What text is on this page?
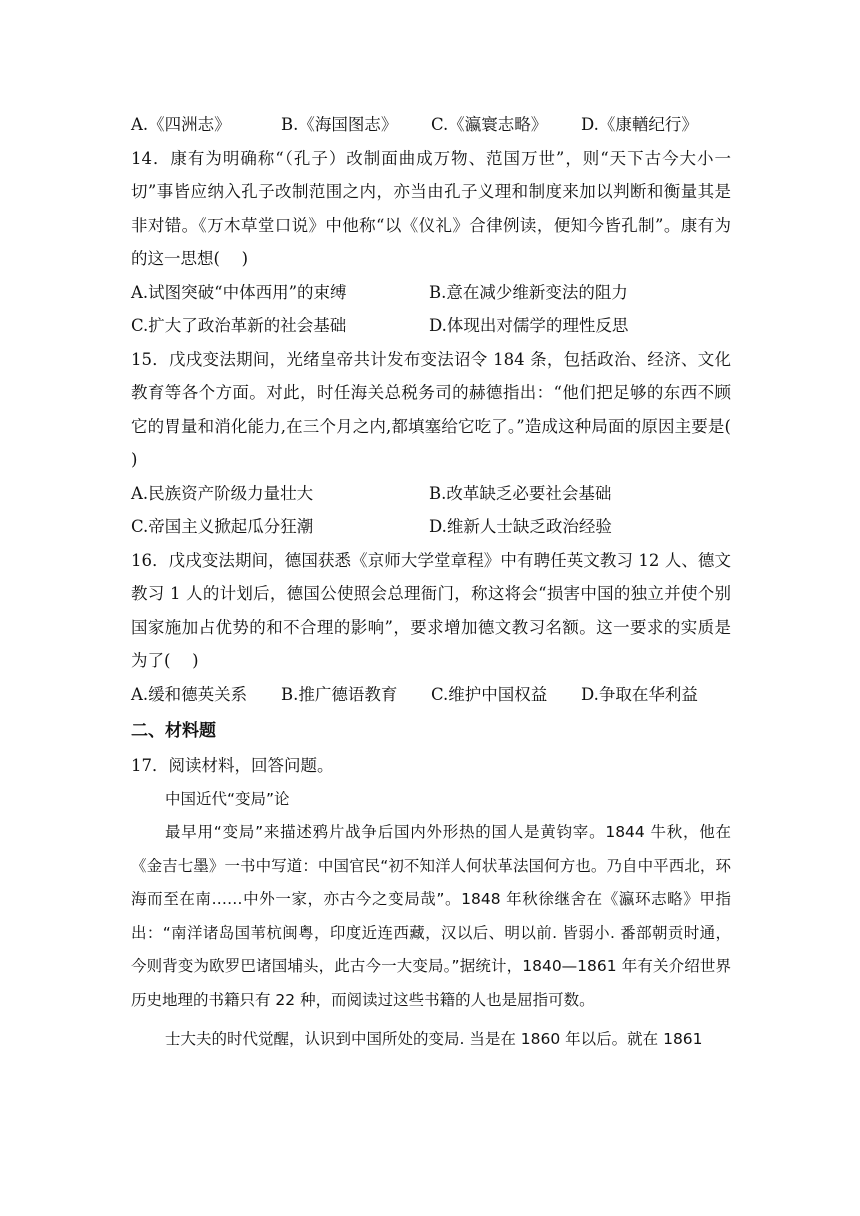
A.《四洲志》	B.《海国图志》	C.《瀛寰志略》	D.《康輶纪行》

14．康有为明确称“（孔子）改制面曲成万物、范国万世”，则“天下古今大小一切”事皆应纳入孔子改制范围之内，亦当由孔子义理和制度来加以判断和衡量其是非对错。《万木草堂口说》中他称“以《仪礼》合律例读，便知今皆孔制”。康有为的这一思想(　 )

A.试图突破“中体西用”的束缚	B.意在减少维新变法的阻力
C.扩大了政治革新的社会基础	D.体现出对儒学的理性反思

15．戊戌变法期间，光绪皇帝共计发布变法诏令 184 条，包括政治、经济、文化教育等各个方面。对此，时任海关总税务司的赫德指出：“他们把足够的东西不顾它的胃量和消化能力,在三个月之内,都填塞给它吃了。”造成这种局面的原因主要是(　 )

A.民族资产阶级力量壮大	B.改革缺乏必要社会基础
C.帝国主义掀起瓜分狂潮	D.维新人士缺乏政治经验

16．戊戌变法期间，德国获悉《京师大学堂章程》中有聘任英文教习 12 人、德文教习 1 人的计划后，德国公使照会总理衙门，称这将会“损害中国的独立并使个别国家施加占优势的和不合理的影响”，要求增加德文教习名额。这一要求的实质是为了(　 )

A.缓和德英关系	B.推广德语教育	C.维护中国权益	D.争取在华利益
二、材料题
17．阅读材料，回答问题。
中国近代“变局”论

最早用“变局”来描述鸦片战争后国内外形热的国人是黄钧宰。1844 牛秋，他在《金吉七墨》一书中写道：中国官民“初不知洋人何状革法国何方也。乃自中平西北，环海而至在南……中外一家，亦古今之变局哉”。1848 年秋徐继舍在《瀛环志略》甲指出：“南洋诸岛国苇杭闽粤，印度近连西藏，汉以后、明以前. 皆弱小. 番部朝贡时通，今则背变为欧罗巴诸国埔头，此古今一大变局。”据统计，1840—1861 年有关介绍世界历史地理的书籍只有 22 种，而阅读过这些书籍的人也是屈指可数。

士大夫的时代觉醒，认识到中国所处的变局. 当是在 1860 年以后。就在 1861
